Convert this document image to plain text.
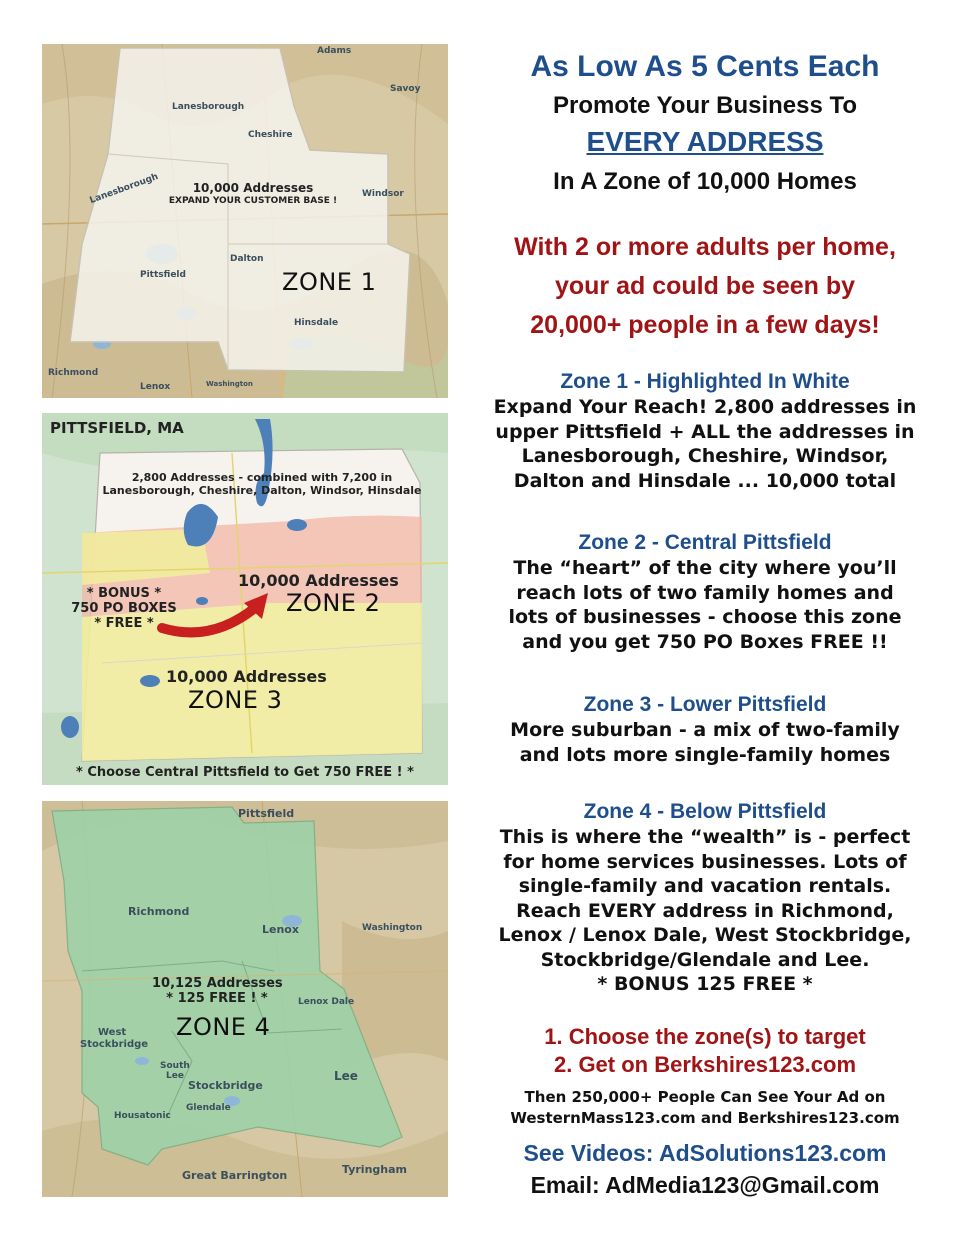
Adams
Savoy
Lanesborough
Cheshire
Lanesborough	Windsor
Pittsfield
Dalton
Hinsdale
Richmond
Lenox	Washington
10,000 Addresses
EXPAND YOUR CUSTOMER BASE !
ZONE 1
PITTSFIELD, MA
2,800 Addresses - combined with 7,200 in
Lanesborough, Cheshire, Dalton, Windsor, Hinsdale
* BONUS *
750 PO BOXES
* FREE *
10,000 Addresses
ZONE 2
10,000 Addresses
ZONE 3
* Choose Central Pittsfield to Get 750 FREE ! *
Pittsfield
Richmond
Lenox	Washington
Lenox Dale
West
Stockbridge
South
Lee
Stockbridge
Glendale
Lee
Housatonic
Great Barrington	Tyringham
10,125 Addresses
* 125 FREE ! *
ZONE 4
As Low As 5 Cents Each
Promote Your Business To
EVERY ADDRESS
In A Zone of 10,000 Homes
With 2 or more adults per home,
your ad could be seen by
20,000+ people in a few days!
Zone 1 - Highlighted In White
Expand Your Reach! 2,800 addresses in
upper Pittsfield + ALL the addresses in
Lanesborough, Cheshire, Windsor,
Dalton and Hinsdale ... 10,000 total
Zone 2 - Central Pittsfield
The “heart” of the city where you’ll
reach lots of two family homes and
lots of businesses - choose this zone
and you get 750 PO Boxes FREE !!
Zone 3 - Lower Pittsfield
More suburban - a mix of two-family
and lots more single-family homes
Zone 4 - Below Pittsfield
This is where the “wealth” is - perfect
for home services businesses. Lots of
single-family and vacation rentals.
Reach EVERY address in Richmond,
Lenox / Lenox Dale, West Stockbridge,
Stockbridge/Glendale and Lee.
* BONUS 125 FREE *
1. Choose the zone(s) to target
2. Get on Berkshires123.com
Then 250,000+ People Can See Your Ad on
WesternMass123.com and Berkshires123.com
See Videos: AdSolutions123.com
Email: AdMedia123@Gmail.com
